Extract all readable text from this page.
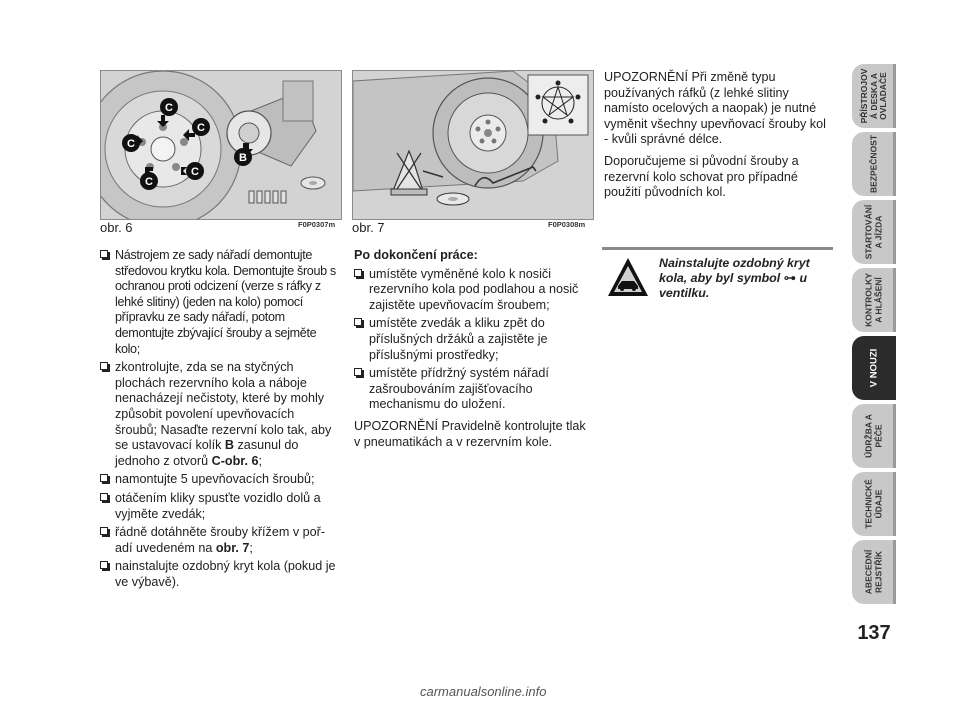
C
C
C
C
C
B
obr. 6	F0P0307m obr. 7	F0P0308m
Nástrojem ze sady nářadí demontujte středovou krytku kola. Demontujte šroub s ochranou proti odcizení (verze s ráfky z lehké slitiny) (jeden na kolo) pomocí přípravku ze sady nářadí, potom demontujte zbývající šrouby a sejměte kolo;
zkontrolujte, zda se na styčných plochách rezervního kola a náboje nenacházejí nečistoty, které by mohly způsobit povolení upevňovacích šroubů; Nasaďte rezervní kolo tak, aby se ustavovací kolík B zasunul do jednoho z otvorů C-obr. 6;
namontujte 5 upevňovacích šroubů;
otáčením kliky spusťte vozidlo dolů a vyjměte zvedák;
řádně dotáhněte šrouby křížem v pořadí uvedeném na obr. 7;
nainstalujte ozdobný kryt kola (pokud je ve výbavě).

Po dokončení práce:

umístěte vyměněné kolo k nosiči rezervního kola pod podlahou a nosič zajistěte upevňovacím šroubem;
umístěte zvedák a kliku zpět do příslušných držáků a zajistěte je příslušnými prostředky;
umístěte přídržný systém nářadí zašroubováním zajišťovacího mechanismu do uložení.

UPOZORNĚNÍ Pravidelně kontrolujte tlak v pneumatikách a v rezervním kole.

UPOZORNĚNÍ Při změně typu používaných ráfků (z lehké slitiny namísto ocelových a naopak) je nutné vyměnit všechny upevňovací šrouby kol - kvůli správné délce.

Doporučujeme si původní šrouby a rezervní kolo schovat pro případné použití původních kol.

Nainstalujte ozdobný kryt kola, aby byl symbol ⊶ u ventilku.
PŘÍSTROJOV
Á DESKA A
OVLADAČE
BEZPEČNOST
STARTOVÁNÍ
A JÍZDA
KONTROLKY
A HLÁŠENÍ
V NOUZI
ÚDRŽBA A
PÉČE
TECHNICKÉ
ÚDAJE
ABECEDNÍ
REJSTŘÍK
137
carmanualsonline.info
